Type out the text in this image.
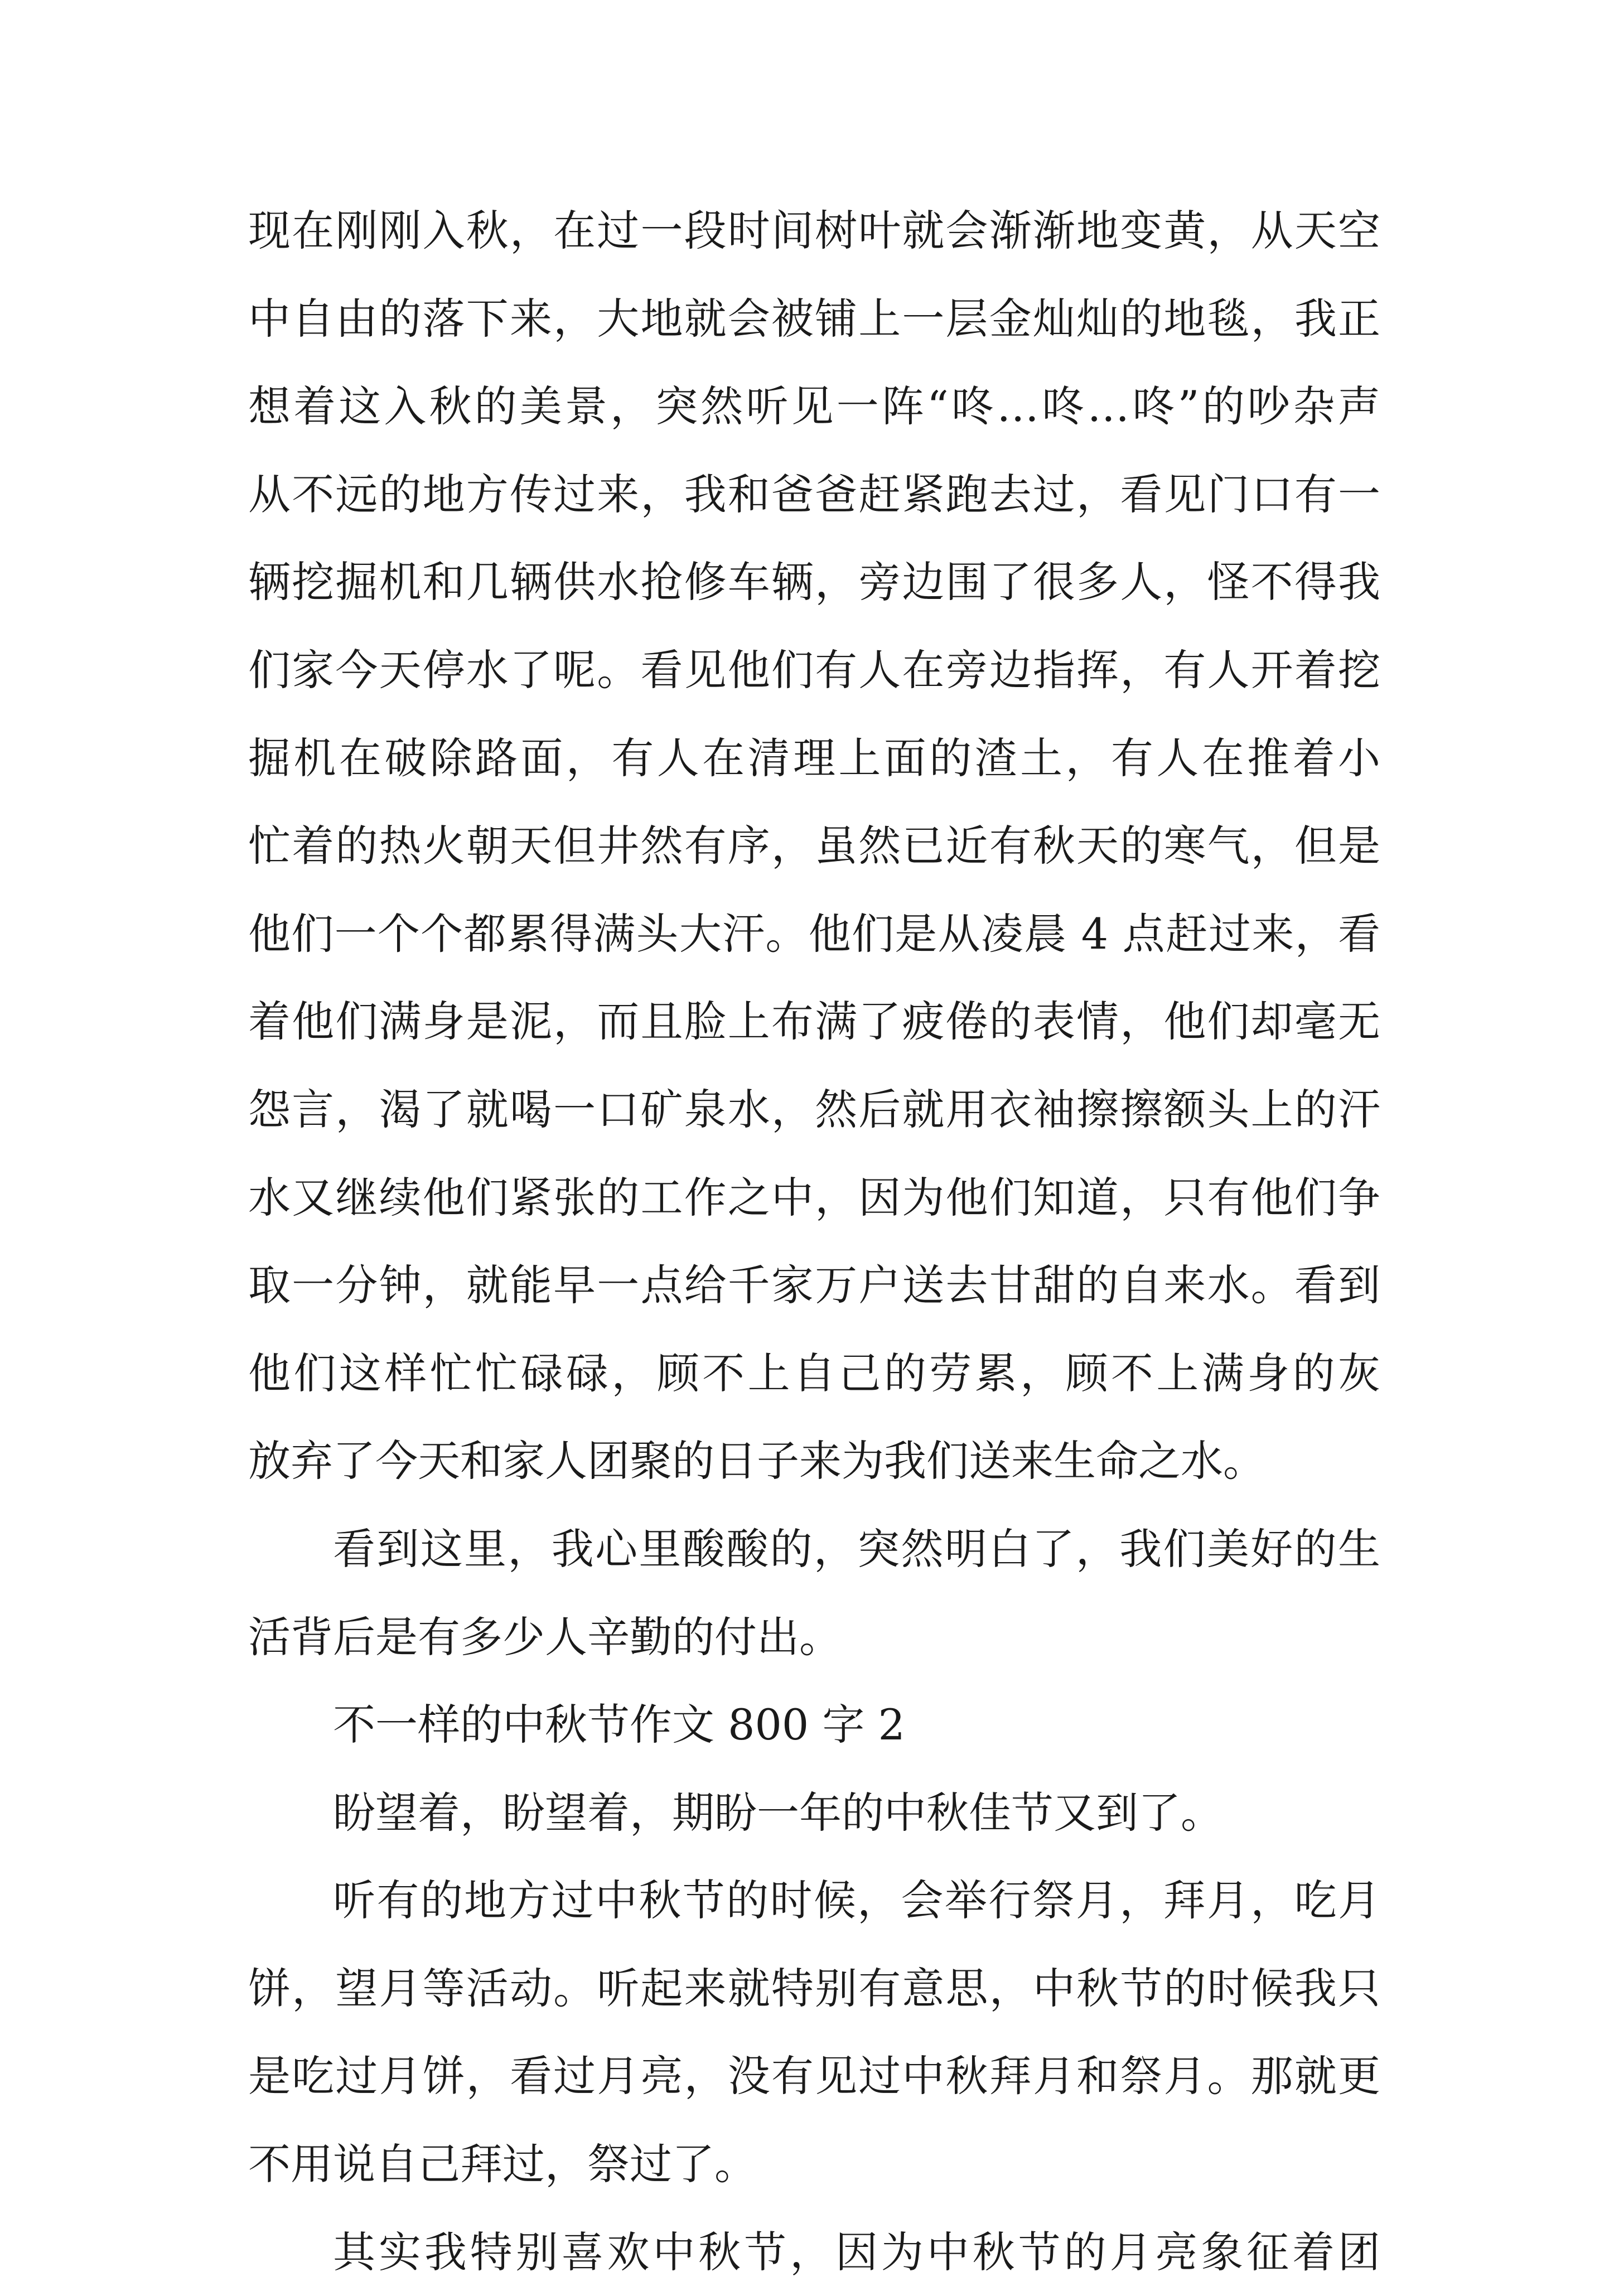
现在刚刚入秋，在过一段时间树叶就会渐渐地变黄，从天空
中自由的落下来，大地就会被铺上一层金灿灿的地毯，我正
想着这入秋的美景，突然听见一阵“咚…咚…咚”的吵杂声
从不远的地方传过来，我和爸爸赶紧跑去过，看见门口有一
辆挖掘机和几辆供水抢修车辆，旁边围了很多人，怪不得我
们家今天停水了呢。看见他们有人在旁边指挥，有人开着挖
掘机在破除路面，有人在清理上面的渣土，有人在推着小
忙着的热火朝天但井然有序，虽然已近有秋天的寒气，但是
他们一个个都累得满头大汗。他们是从凌晨 4 点赶过来，看
着他们满身是泥，而且脸上布满了疲倦的表情，他们却毫无
怨言，渴了就喝一口矿泉水，然后就用衣袖擦擦额头上的汗
水又继续他们紧张的工作之中，因为他们知道，只有他们争
取一分钟，就能早一点给千家万户送去甘甜的自来水。看到
他们这样忙忙碌碌，顾不上自己的劳累，顾不上满身的灰
放弃了今天和家人团聚的日子来为我们送来生命之水。
看到这里，我心里酸酸的，突然明白了，我们美好的生
活背后是有多少人辛勤的付出。
不一样的中秋节作文 800 字 2
盼望着，盼望着，期盼一年的中秋佳节又到了。
听有的地方过中秋节的时候，会举行祭月，拜月，吃月
饼，望月等活动。听起来就特别有意思，中秋节的时候我只
是吃过月饼，看过月亮，没有见过中秋拜月和祭月。那就更
不用说自己拜过，祭过了。
其实我特别喜欢中秋节，因为中秋节的月亮象征着团
